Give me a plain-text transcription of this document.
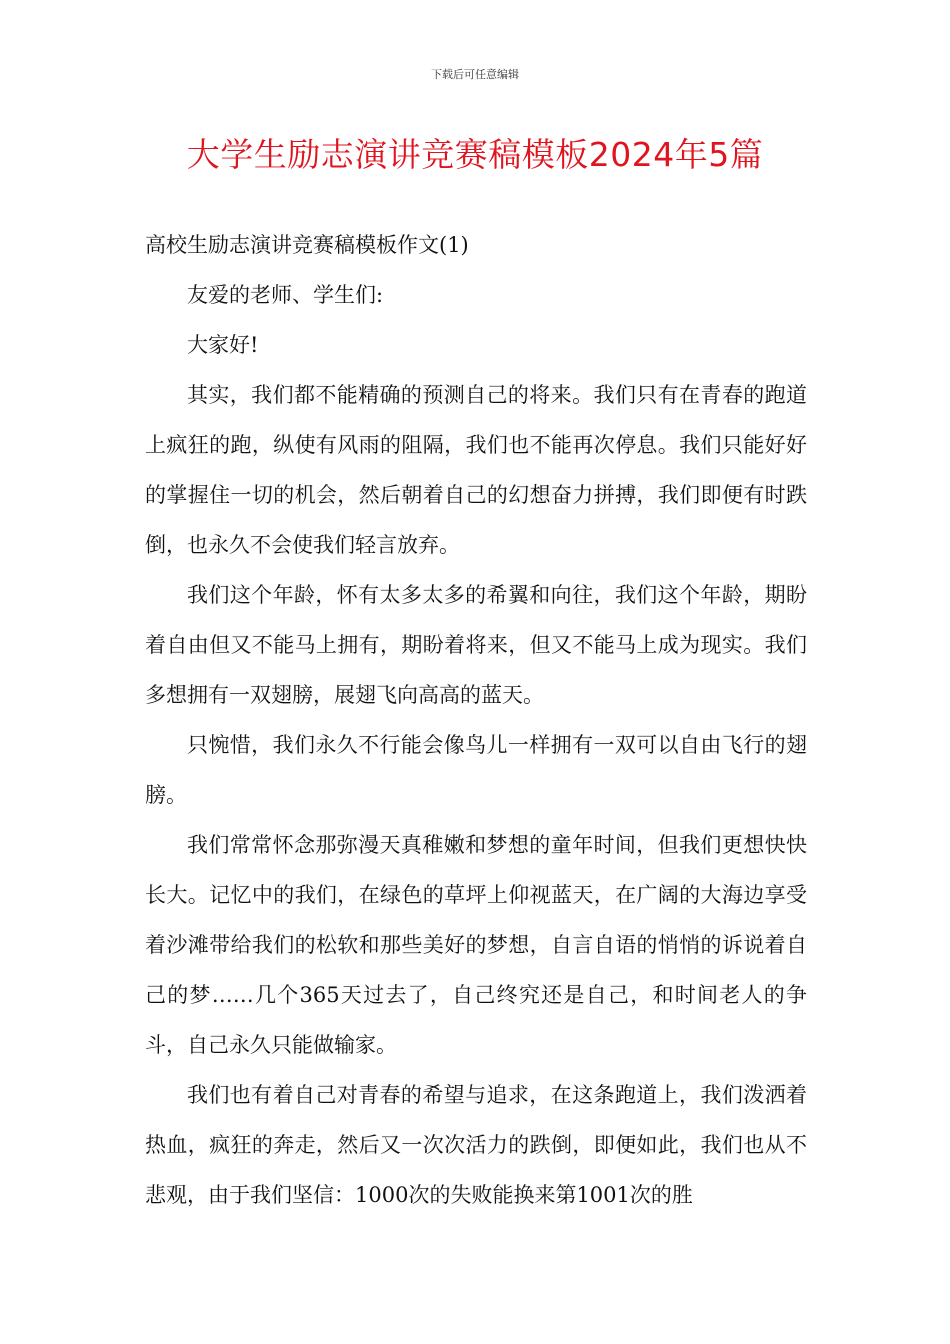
下载后可任意编辑
大学生励志演讲竞赛稿模板2024年5篇

高校生励志演讲竞赛稿模板作文(1)

友爱的老师、学生们:

大家好!

其实，我们都不能精确的预测自己的将来。我们只有在青春的跑道上疯狂的跑，纵使有风雨的阻隔，我们也不能再次停息。我们只能好好的掌握住一切的机会，然后朝着自己的幻想奋力拼搏，我们即便有时跌倒，也永久不会使我们轻言放弃。

我们这个年龄，怀有太多太多的希翼和向往，我们这个年龄，期盼着自由但又不能马上拥有，期盼着将来，但又不能马上成为现实。我们多想拥有一双翅膀，展翅飞向高高的蓝天。

只惋惜，我们永久不行能会像鸟儿一样拥有一双可以自由飞行的翅膀。

我们常常怀念那弥漫天真稚嫩和梦想的童年时间，但我们更想快快长大。记忆中的我们，在绿色的草坪上仰视蓝天，在广阔的大海边享受着沙滩带给我们的松软和那些美好的梦想，自言自语的悄悄的诉说着自己的梦……几个365天过去了，自己终究还是自己，和时间老人的争斗，自己永久只能做输家。

我们也有着自己对青春的希望与追求，在这条跑道上，我们泼洒着热血，疯狂的奔走，然后又一次次活力的跌倒，即便如此，我们也从不悲观，由于我们坚信：1000次的失败能换来第1001次的胜
